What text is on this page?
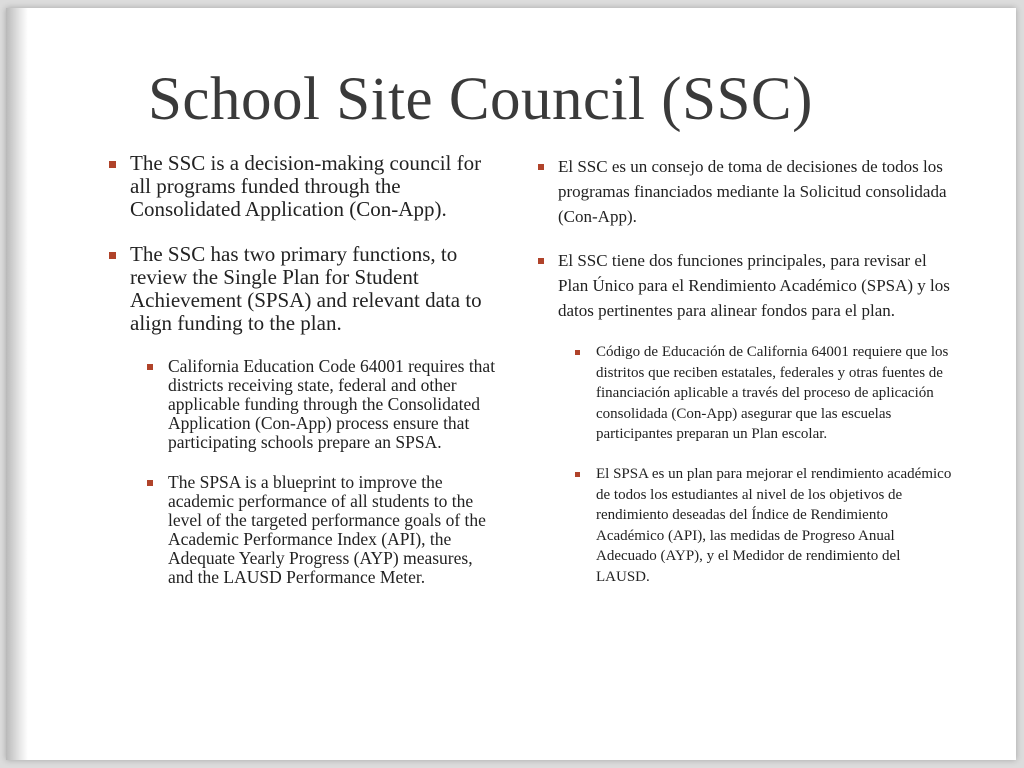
School Site Council (SSC)
The SSC is a decision-making council for all programs funded through the Consolidated Application (Con-App).
The SSC has two primary functions, to review the Single Plan for Student Achievement (SPSA) and relevant data to align funding to the plan.
California Education Code 64001 requires that districts receiving state, federal and other applicable funding through the Consolidated Application (Con-App) process ensure that participating schools prepare an SPSA.
The SPSA is a blueprint to improve the academic performance of all students to the level of the targeted performance goals of the Academic Performance Index (API), the Adequate Yearly Progress (AYP) measures, and the LAUSD Performance Meter.
El SSC es un consejo de toma de decisiones de todos los programas financiados mediante la Solicitud consolidada (Con-App).
El SSC tiene dos funciones principales, para revisar el Plan Único para el Rendimiento Académico (SPSA) y los datos pertinentes para alinear fondos para el plan.
Código de Educación de California 64001 requiere que los distritos que reciben estatales, federales y otras fuentes de financiación aplicable a través del proceso de aplicación consolidada (Con-App) asegurar que las escuelas participantes preparan un Plan escolar.
El SPSA es un plan para mejorar el rendimiento académico de todos los estudiantes al nivel de los objetivos de rendimiento deseadas del Índice de Rendimiento Académico (API), las medidas de Progreso Anual Adecuado (AYP), y el Medidor de rendimiento del LAUSD.
